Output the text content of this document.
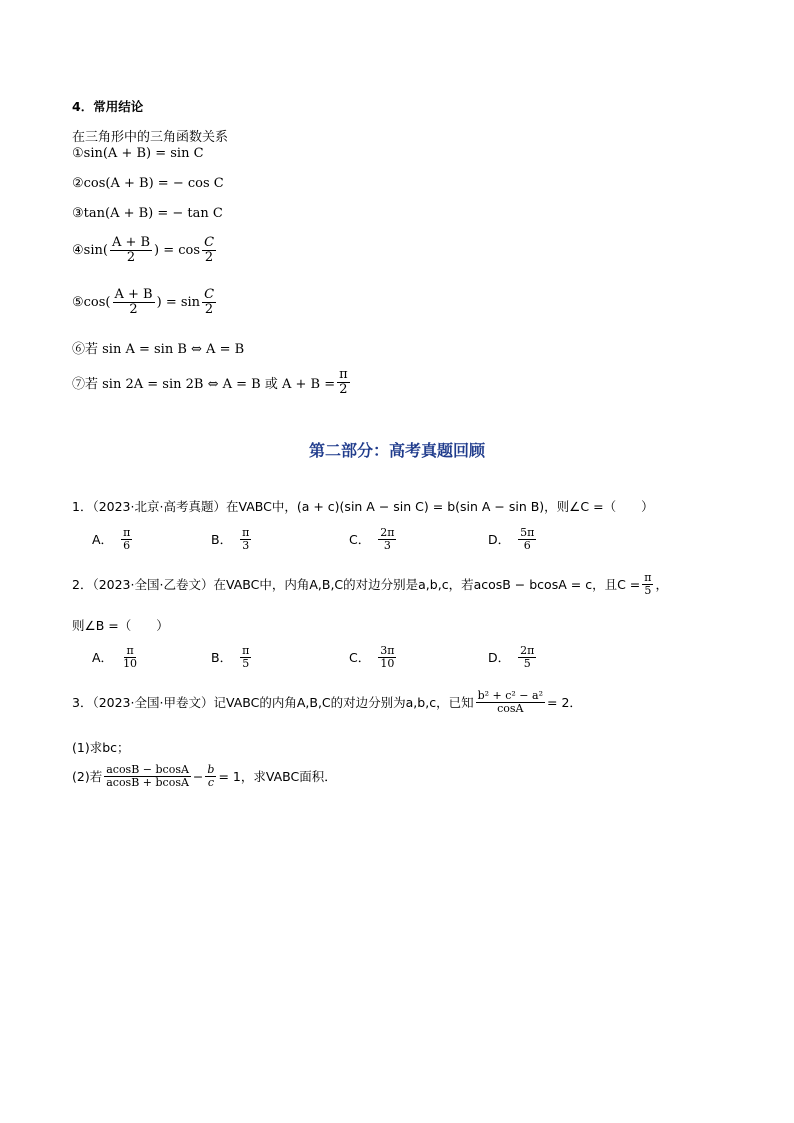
4．常用结论
在三角形中的三角函数关系
①sin(A + B) = sin C
②cos(A + B) = − cos C
③tan(A + B) = − tan C
④sin( $\frac{A + B}{2}$ ) = $\cos \frac{C}{2}$
⑤cos( $\frac{A + B}{2}$ ) = $\sin \frac{C}{2}$
⑥若 sin A = sin B ⇔ A = B
⑦若 sin 2A = sin 2B ⇔ A = B 或 $A + B = \frac{\pi}{2}$
第二部分：高考真题回顾
1．（2023·北京·高考真题）在VABC中，(a + c)(sin A − sin C) = b(sin A − sin B)，则∠C =（　　）
A． $\frac{\pi}{6}$	B． $\frac{\pi}{3}$	C． $\frac{2\pi}{3}$	D． $\frac{5\pi}{6}$
2．（2023·全国·乙卷文）在VABC中，内角A,B,C的对边分别是a,b,c，若acosB − bcosA = c，且$C = \frac{\pi}{5}$ ，
则∠B =（　　）
A． $\frac{\pi}{10}$	B． $\frac{\pi}{5}$	C． $\frac{3\pi}{10}$	D． $\frac{2\pi}{5}$
3．（2023·全国·甲卷文）记VABC的内角A,B,C的对边分别为a,b,c，已知 $\frac{\text{b² + c² − a²}}{\cos A} = 2$．
(1)求bc；
(2)若 $\frac{acosB - bcosA}{acosB + bcosA} - \frac{b}{c} = 1$，求VABC面积．
